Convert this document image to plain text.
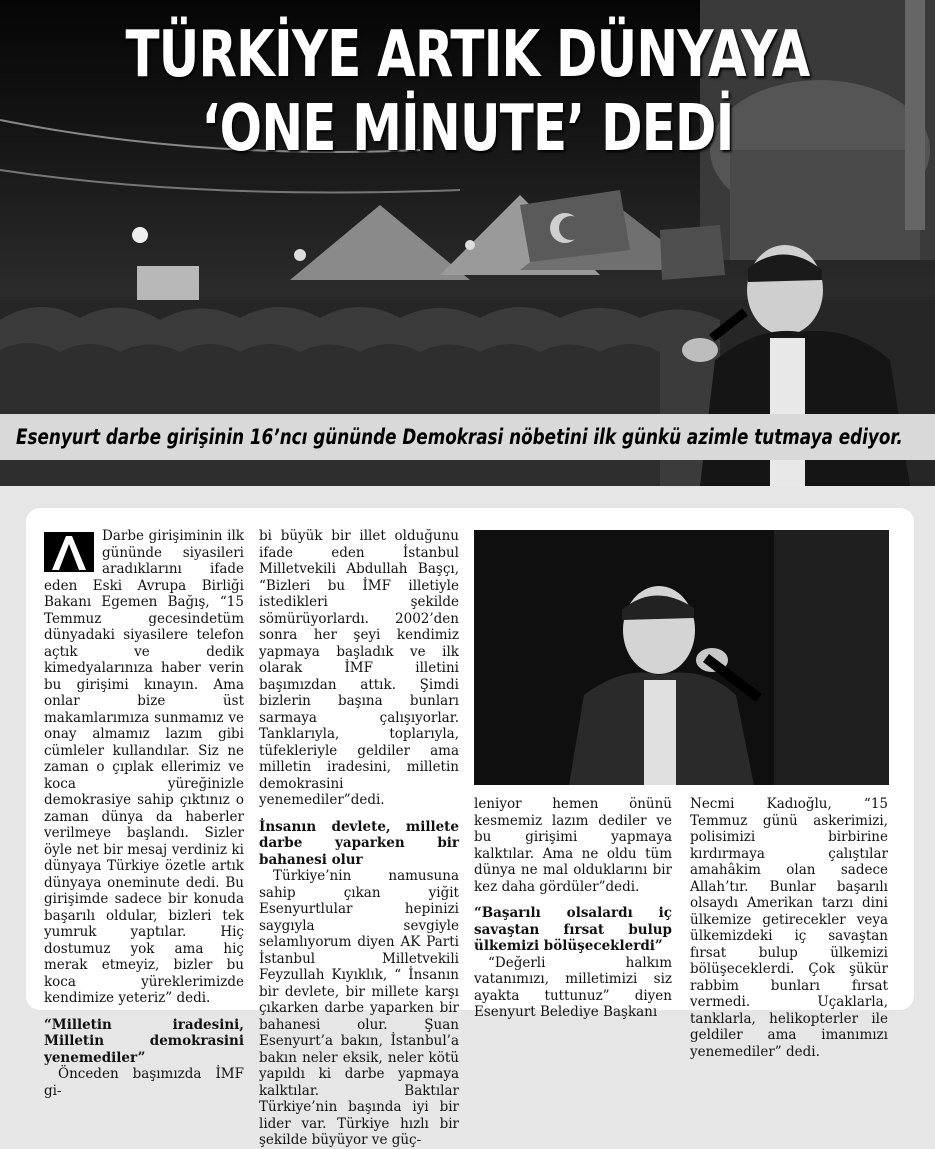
TÜRKİYE ARTIK DÜNYAYA
‘ONE MİNUTE’ DEDİ

Esenyurt darbe girişinin 16’ncı gününde Demokrasi nöbetini ilk günkü azimle tutmaya ediyor.

Darbe girişiminin ilk gününde siyasileri aradıklarını ifade eden Eski Avrupa Birliği Bakanı Egemen Bağış, “15 Temmuz gecesindetüm dünyadaki siyasilere telefon açtık ve dedik kimedyalarınıza haber verin bu girişimi kınayın. Ama onlar bize üst makamlarımıza sunmamız ve onay almamız lazım gibi cümleler kullandılar. Siz ne zaman o çıplak ellerimiz ve koca yüreğinizle demokrasiye sahip çıktınız o zaman dünya da haberler verilmeye başlandı. Sizler öyle net bir mesaj verdiniz ki dünyaya Türkiye özetle artık dünyaya oneminute dedi. Bu girişimde sadece bir konuda başarılı oldular, bizleri tek yumruk yaptılar. Hiç dostumuz yok ama hiç merak etmeyiz, bizler bu koca yüreklerimizde kendimize yeteriz” dedi.

“Milletin iradesini, Milletin demokrasini yenemediler”

Önceden başımızda İMF gi-

bi büyük bir illet olduğunu ifade eden İstanbul Milletvekili Abdullah Başçı, “Bizleri bu İMF illetiyle istedikleri şekilde sömürüyorlardı. 2002’den sonra her şeyi kendimiz yapmaya başladık ve ilk olarak İMF illetini başımızdan attık. Şimdi bizlerin başına bunları sarmaya çalışıyorlar. Tanklarıyla, toplarıyla, tüfekleriyle geldiler ama milletin iradesini, milletin demokrasini yenemediler”dedi.

İnsanın devlete, millete darbe yaparken bir bahanesi olur

Türkiye’nin namusuna sahip çıkan yiğit Esenyurtlular hepinizi saygıyla sevgiyle selamlıyorum diyen AK Parti İstanbul Milletvekili Feyzullah Kıyıklık, “ İnsanın bir devlete, bir millete karşı çıkarken darbe yaparken bir bahanesi olur. Şuan Esenyurt’a bakın, İstanbul’a bakın neler eksik, neler kötü yapıldı ki darbe yapmaya kalktılar. Baktılar Türkiye’nin başında iyi bir lider var. Türkiye hızlı bir şekilde büyüyor ve güç-

leniyor hemen önünü kesmemiz lazım dediler ve bu girişimi yapmaya kalktılar. Ama ne oldu tüm dünya ne mal olduklarını bir kez daha gördüler”dedi.

“Başarılı olsalardı iç savaştan fırsat bulup ülkemizi bölüşeceklerdi”

“Değerli halkım vatanımızı, milletimizi siz ayakta tuttunuz” diyen Esenyurt Belediye Başkanı

Necmi Kadıoğlu, “15 Temmuz günü askerimizi, polisimizi birbirine kırdırmaya çalıştılar amahâkim olan sadece Allah’tır. Bunlar başarılı olsaydı Amerikan tarzı dini ülkemize getirecekler veya ülkemizdeki iç savaştan fırsat bulup ülkemizi bölüşeceklerdi. Çok şükür rabbim bunları fırsat vermedi. Uçaklarla, tanklarla, helikopterler ile geldiler ama imanımızı yenemediler” dedi.
